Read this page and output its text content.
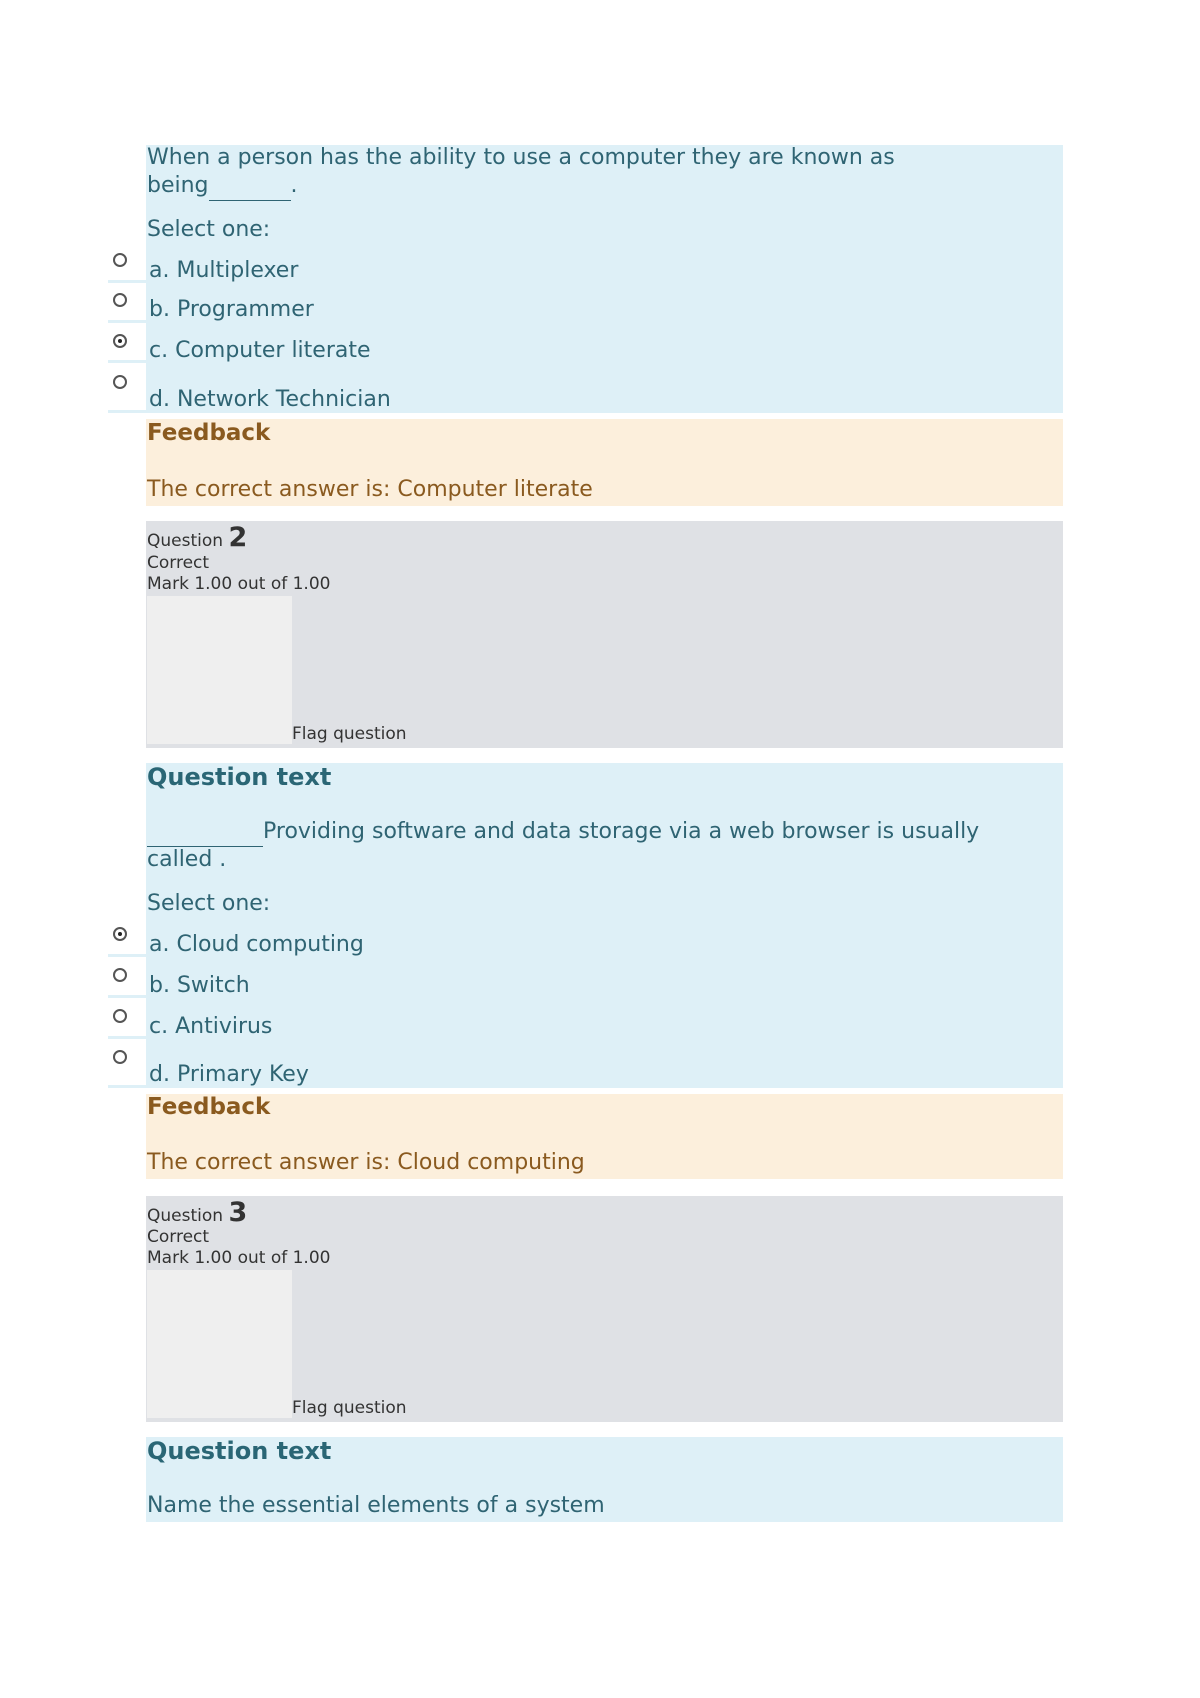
When a person has the ability to use a computer they are known as
being	.
Select one:
a. Multiplexer
b. Programmer
c. Computer literate
d. Network Technician
Feedback
The correct answer is: Computer literate
Question 2
Correct
Mark 1.00 out of 1.00
Flag question
Question text
Providing software and data storage via a web browser is usually
called .
Select one:
a. Cloud computing
b. Switch
c. Antivirus
d. Primary Key
Feedback
The correct answer is: Cloud computing
Question 3
Correct
Mark 1.00 out of 1.00
Flag question
Question text
Name the essential elements of a system
